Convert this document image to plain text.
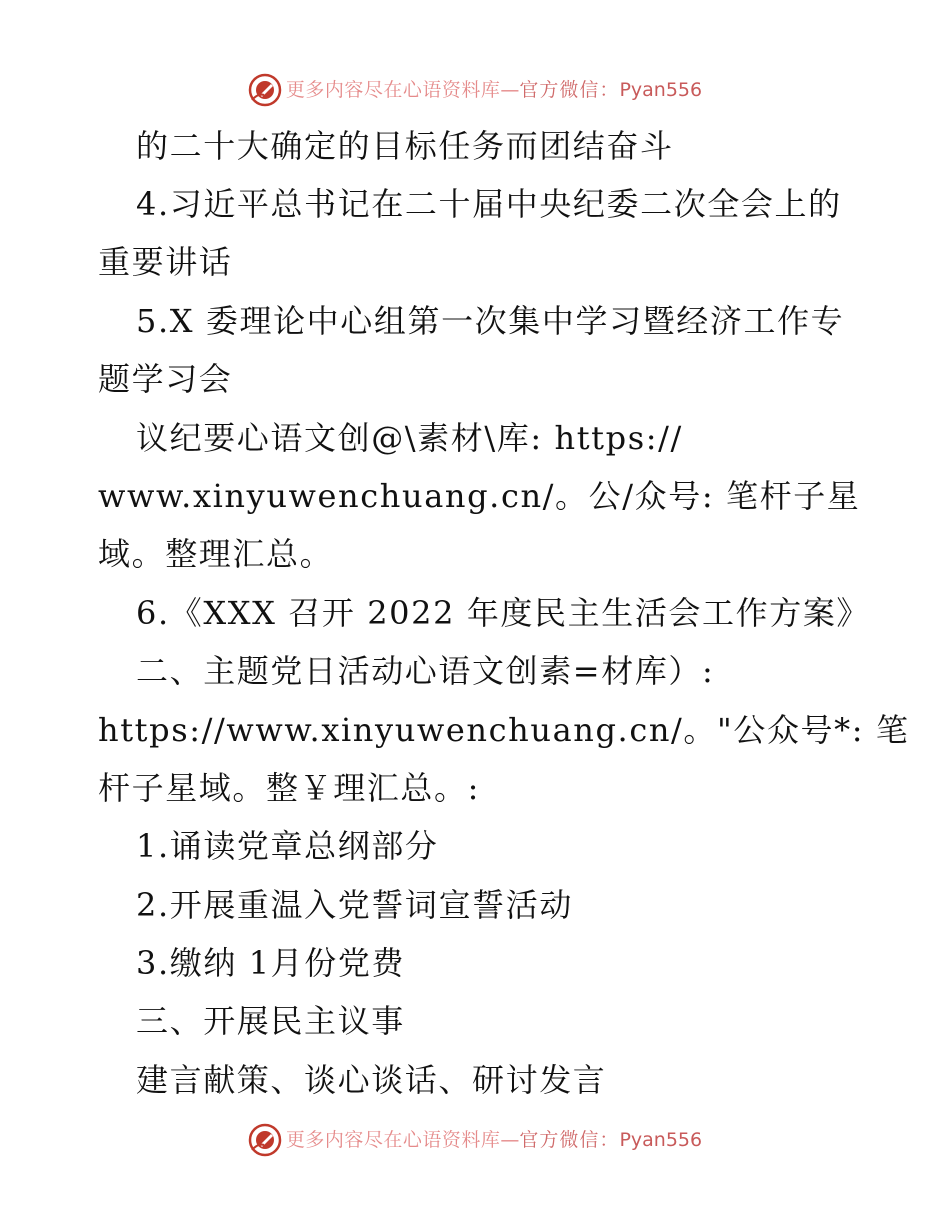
更多内容尽在心语资料库 — 官方微信： Pyan556
的二十大确定的目标任务而团结奋斗
4.习近平总书记在二十届中央纪委二次全会上的
重要讲话
5.X 委理论中心组第一次集中学习暨经济工作专
题学习会
议纪要心语文创@\素材\库: https://
www.xinyuwenchuang.cn/。公/众号: 笔杆子星
域。整理汇总。
6.《XXX 召开 2022 年度民主生活会工作方案》
二、主题党日活动心语文创素=材库）:
https://www.xinyuwenchuang.cn/。"公众号*: 笔
杆子星域。整￥理汇总。:
1.诵读党章总纲部分
2.开展重温入党誓词宣誓活动
3.缴纳 1月份党费
三、开展民主议事
建言献策、谈心谈话、研讨发言
更多内容尽在心语资料库 — 官方微信： Pyan556
